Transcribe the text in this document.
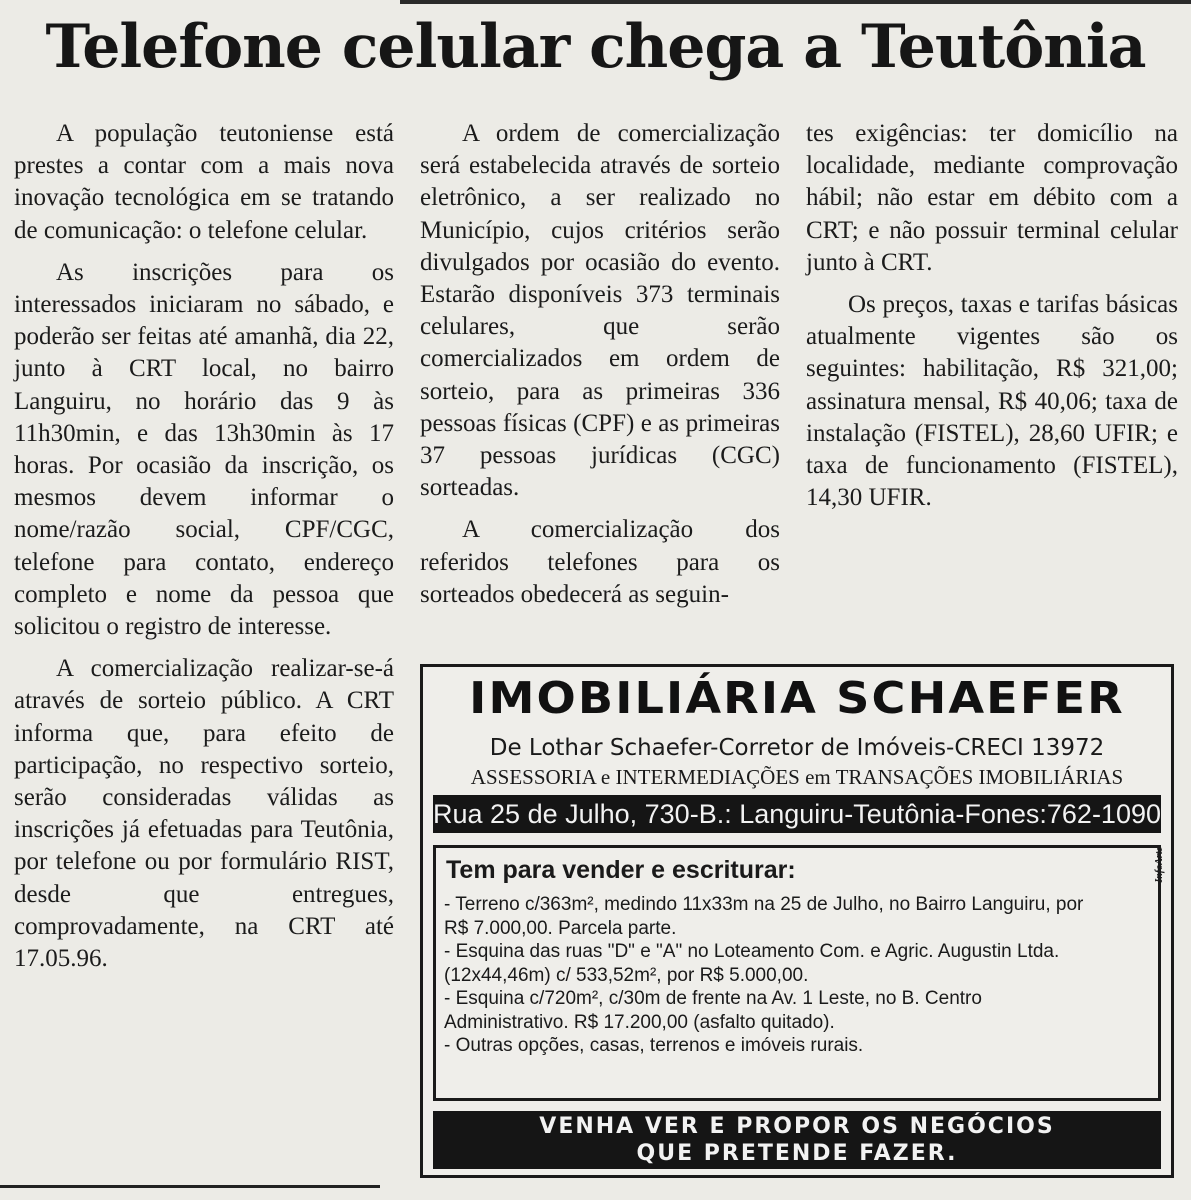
Telefone celular chega a Teutônia

A população teutoniense está prestes a contar com a mais nova inovação tecnológica em se tratando de comunicação: o telefone celular.

As inscrições para os interessados iniciaram no sábado, e poderão ser feitas até amanhã, dia 22, junto à CRT local, no bairro Languiru, no horário das 9 às 11h30min, e das 13h30min às 17 horas. Por ocasião da inscrição, os mesmos devem informar o nome/razão social, CPF/CGC, telefone para contato, endereço completo e nome da pessoa que solicitou o registro de interesse.

A comercialização realizar-se-á através de sorteio público. A CRT informa que, para efeito de participação, no respectivo sorteio, serão consideradas válidas as inscrições já efetuadas para Teutônia, por telefone ou por formulário RIST, desde que entregues, comprovadamente, na CRT até 17.05.96.

A ordem de comercialização será estabelecida através de sorteio eletrônico, a ser realizado no Município, cujos critérios serão divulgados por ocasião do evento. Estarão disponíveis 373 terminais celulares, que serão comercializados em ordem de sorteio, para as primeiras 336 pessoas físicas (CPF) e as primeiras 37 pessoas jurídicas (CGC) sorteadas.

A comercialização dos referidos telefones para os sorteados obedecerá as seguin-

tes exigências: ter domicílio na localidade, mediante comprovação hábil; não estar em débito com a CRT; e não possuir terminal celular junto à CRT.

Os preços, taxas e tarifas básicas atualmente vigentes são os seguintes: habilitação, R$ 321,00; assinatura mensal, R$ 40,06; taxa de instalação (FISTEL), 28,60 UFIR; e taxa de funcionamento (FISTEL), 14,30 UFIR.

IMOBILIÁRIA SCHAEFER
De Lothar Schaefer-Corretor de Imóveis-CRECI 13972
ASSESSORIA e INTERMEDIAÇÕES em TRANSAÇÕES IMOBILIÁRIAS
Rua 25 de Julho, 730-B.: Languiru-Teutônia-Fones:762-1090
Tem para vender e escriturar:
- Terreno c/363m², medindo 11x33m na 25 de Julho, no Bairro Languiru, por R$ 7.000,00. Parcela parte.
- Esquina das ruas "D" e "A" no Loteamento Com. e Agric. Augustin Ltda. (12x44,46m) c/ 533,52m², por R$ 5.000,00.
- Esquina c/720m², c/30m de frente na Av. 1 Leste, no B. Centro Administrativo. R$ 17.200,00 (asfalto quitado).
- Outras opções, casas, terrenos e imóveis rurais.
InfoArte
VENHA VER E PROPOR OS NEGÓCIOS
QUE PRETENDE FAZER.
